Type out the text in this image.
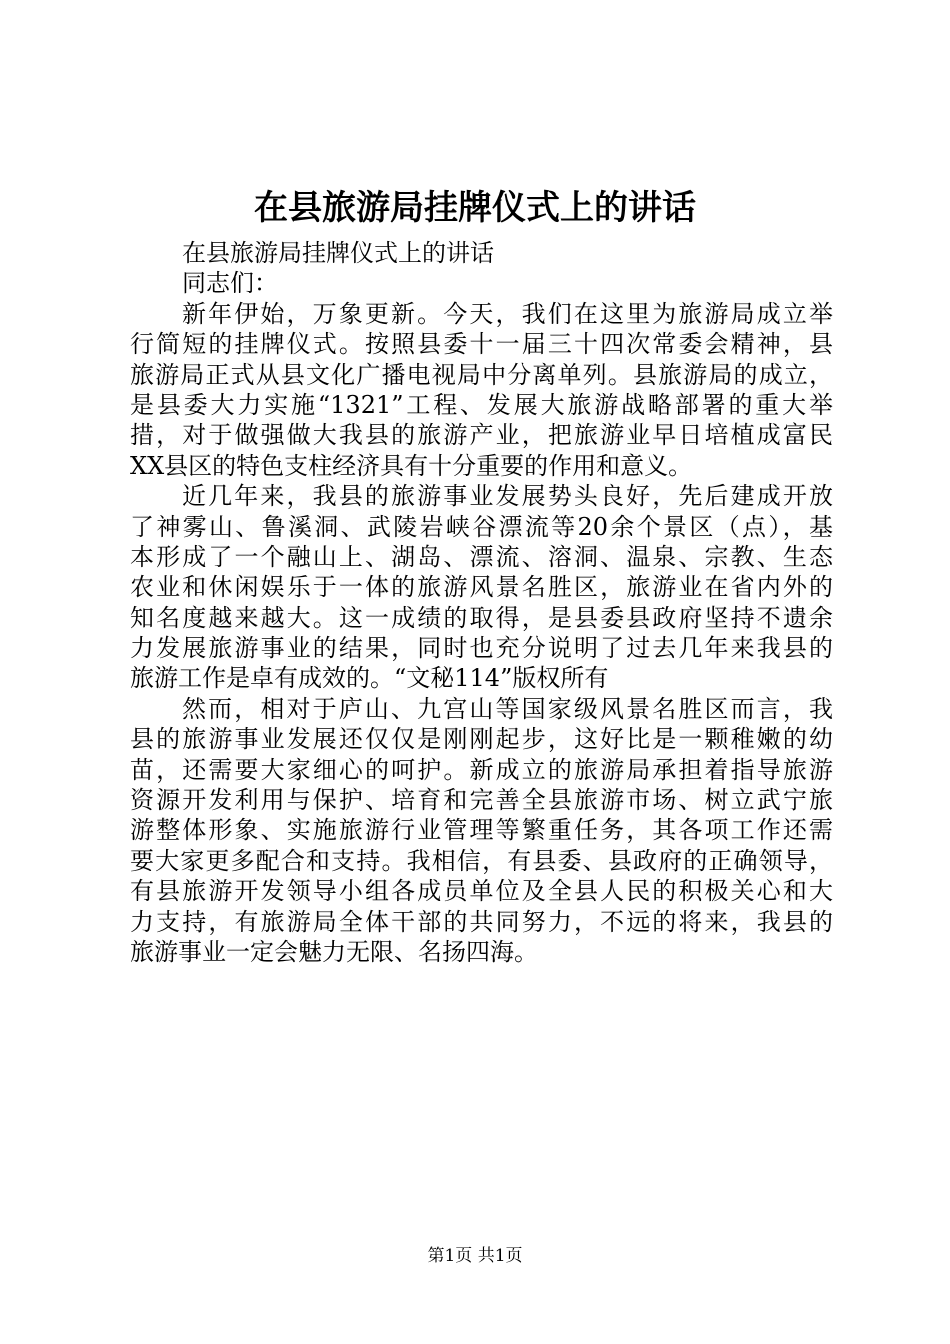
在县旅游局挂牌仪式上的讲话
在县旅游局挂牌仪式上的讲话
同志们：
新年伊始，万象更新。今天，我们在这里为旅游局成立举
行简短的挂牌仪式。按照县委十一届三十四次常委会精神，县
旅游局正式从县文化广播电视局中分离单列。县旅游局的成立，
是县委大力实施“1321”工程、发展大旅游战略部署的重大举
措，对于做强做大我县的旅游产业，把旅游业早日培植成富民
XX县区的特色支柱经济具有十分重要的作用和意义。
近几年来，我县的旅游事业发展势头良好，先后建成开放
了神雾山、鲁溪洞、武陵岩峡谷漂流等20余个景区（点），基
本形成了一个融山上、湖岛、漂流、溶洞、温泉、宗教、生态
农业和休闲娱乐于一体的旅游风景名胜区，旅游业在省内外的
知名度越来越大。这一成绩的取得，是县委县政府坚持不遗余
力发展旅游事业的结果，同时也充分说明了过去几年来我县的
旅游工作是卓有成效的。“文秘114”版权所有
然而，相对于庐山、九宫山等国家级风景名胜区而言，我
县的旅游事业发展还仅仅是刚刚起步，这好比是一颗稚嫩的幼
苗，还需要大家细心的呵护。新成立的旅游局承担着指导旅游
资源开发利用与保护、培育和完善全县旅游市场、树立武宁旅
游整体形象、实施旅游行业管理等繁重任务，其各项工作还需
要大家更多配合和支持。我相信，有县委、县政府的正确领导，
有县旅游开发领导小组各成员单位及全县人民的积极关心和大
力支持，有旅游局全体干部的共同努力，不远的将来，我县的
旅游事业一定会魅力无限、名扬四海。
第1页 共1页
